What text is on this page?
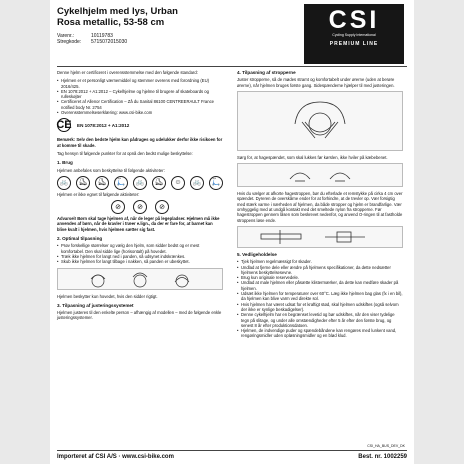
Cykelhjelm med lys, Urban
Rosa metallic, 53-58 cm
Varenr.:	10119783
Stregkode: 5715072015030
CSI
Cycling Supply International
PREMIUM LINE

Denne hjelm er certificeret i overensstemmelse med den følgende standard:

• Hjelmen er et personligt værnemiddel og stemmer overens med forordning (EU) 2016/425.
• EN 1078:2012 + A1:2012 – Cykelhjelme og hjelme til brugere af skateboards og rulleskøjter
• Certificeret af Allenor Certification – Zå du Sanital 86100 CENTREERAULT France notified body Nr. 2754
• Overensstemmelseserklæring: www.csi-bike.com
CE EN 1078:2012 + A1:2012

Bemærk: Selv den bedste hjelm kan pådrages og udelukker derfor ikke risikoen for at komme til skade.

Tag hensyn til følgende punkter for at opnå den bedst mulige beskyttelse:

1. Brug

Hjelmen anbefales som beskyttelse til følgende aktiviteter:

🚲	⛸	⛸	🛴	🚲	⛸	☺	🚲	🛴

Hjelmen er ikke egnet til følgende aktiviteter:

⊘	⊘	⊘

Advarsel! Børn skal tage hjelmen af, når de leger på legepladser. Hjelmen må ikke anvendes af børn, når de kravler i træer e.lign., da der er fare for, at barnet kan blive kvalt i hjelmen, hvis hjelmen sætter sig fast.

2. Optimal tilpasning
• Prøv forskellige størrelser og vælg den hjelm, som sidder bedst og er mest komfortabel. Den skal sidde lige (horisontalt) på hovedet.
• Træk ikke hjelmen for langt ned i panden, så udsynet indskrænkes.
• Skub ikke hjelmen for langt tilbage i nakken, så panden er ubeskyttet.

Hjelmen beskytter kun hovedet, hvis den sidder rigtigt.

3. Tilpasning af justeringssystemet

Hjelmen justeres til den enkelte person – afhængig af modellen – med de følgende enkle justeringssystemer.

4. Tilpasning af stropperne

Juster stropperne, så de mødes stramt og komfortabelt under ørerne (uden at berøre ørerne), når hjelmen bruges første gang. Sidespænderne hjælper til med justeringen.

Sørg for, at hagespændet, som skal lukkes før kørslen, ikke hviler på kæbebenet.

Hvis du vælger at afkorte hagestroppen, bør du efterlade et remstykke på cirka 4 cm over spændet. Dyreren de overskårne ender for at forhindre, at de trevler op. Vær forsigtig med stærk varme i nærheden af hjelmen, da både stropper og hjelm er brandfarlige. Vær omhyggelig med at undgå kontakt med det smeltede nylon fra stropperne. Før hagestroppen gennem låsen som beskrevet nedenfor, og anvend O-ringen til at fastholde stroppens løse ende.

5. Vedligeholdelse
• Tjek hjelmen regelmæssigt for skader.
• Undlad at fjerne dele eller ændre på hjelmens specifikationer, da dette nedsætter hjelmens beskyttelsesevne.
• Brug kun originale reservedele.
• Undlad at male hjelmen eller påsætte klistermærker, da dette kan medføre skader på hjelmen.
• Udsæt ikke hjelmen for temperaturer over 60°C. Læg ikke hjelmen bag glas (fx i en bil), da hjelmen kan blive varm ved direkte sol.
• Hvis hjelmen har været udsat for et kraftigt stød, skal hjelmen udskiftes (også selvom der ikke er synlige beskadigelser).
• Denne cykelhjelm har en begrænset levetid og bør udskiftes, når den viser tydelige tegn på slitage, og under alle omstændigheder efter 5 år efter den første brug, og senest 8 år efter produktionsdatoen.
• Hjelmen, de indvendige puder og spændebåndene kan rengøres med lunkent vand, rengøringsmidler uden opløsningsmidler og en blød klud.
CSI_HA_BUS_DEV_DK
Importeret af CSI A/S · www.csi-bike.com	Best. nr. 1002259
